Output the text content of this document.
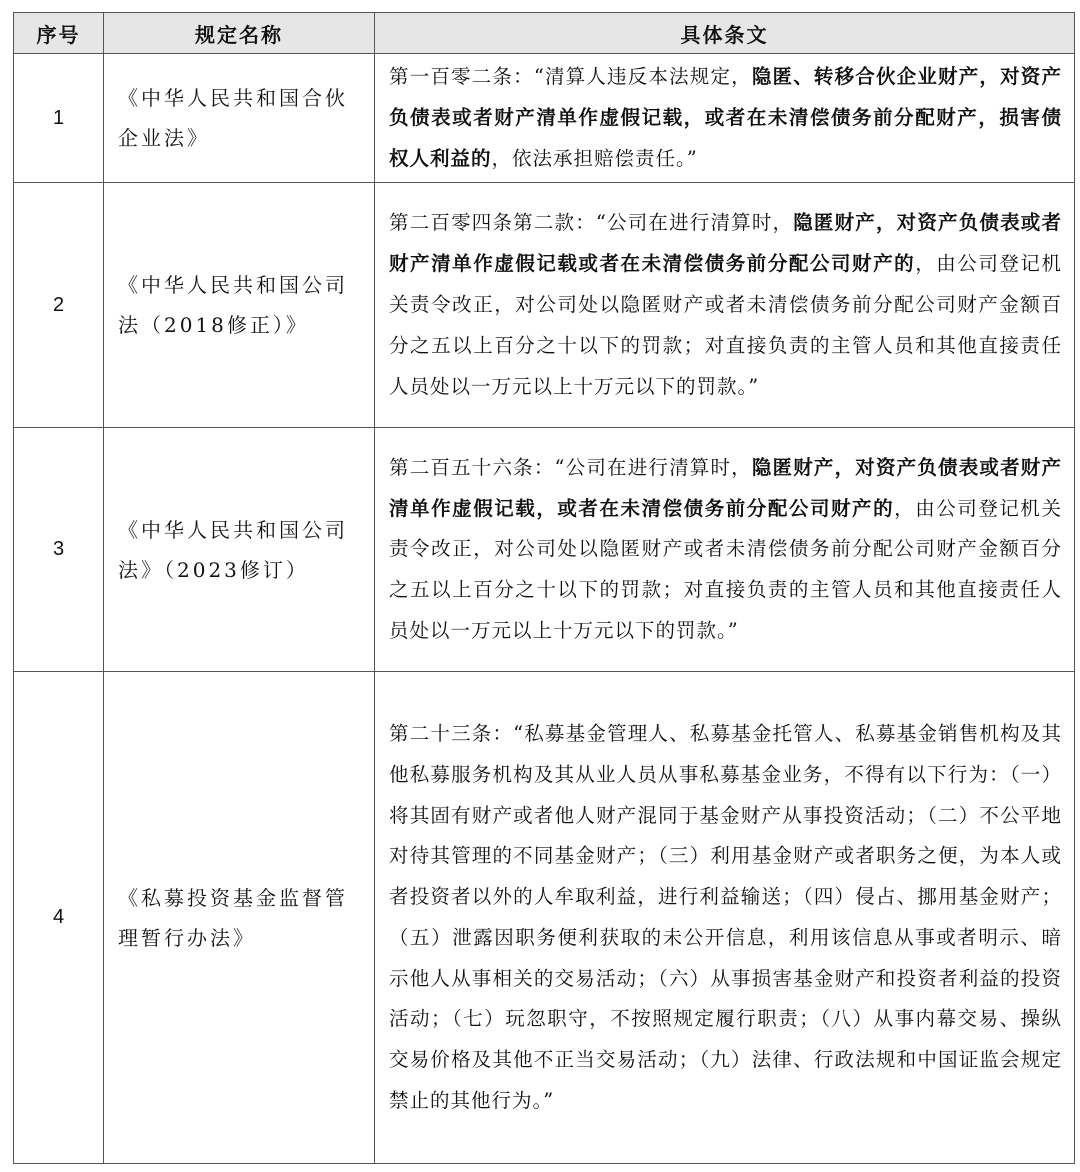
序号	规定名称	具体条文
1	《中华人民共和国合伙企业法》	第一百零二条：“清算人违反本法规定，隐匿、转移合伙企业财产，对资产负债表或者财产清单作虚假记载，或者在未清偿债务前分配财产，损害债权人利益的，依法承担赔偿责任。”
2	《中华人民共和国公司法（2018修正）》	第二百零四条第二款：“公司在进行清算时，隐匿财产，对资产负债表或者财产清单作虚假记载或者在未清偿债务前分配公司财产的，由公司登记机关责令改正，对公司处以隐匿财产或者未清偿债务前分配公司财产金额百分之五以上百分之十以下的罚款；对直接负责的主管人员和其他直接责任人员处以一万元以上十万元以下的罚款。”
3	《中华人民共和国公司法》（2023修订）	第二百五十六条：“公司在进行清算时，隐匿财产，对资产负债表或者财产清单作虚假记载，或者在未清偿债务前分配公司财产的，由公司登记机关责令改正，对公司处以隐匿财产或者未清偿债务前分配公司财产金额百分之五以上百分之十以下的罚款；对直接负责的主管人员和其他直接责任人员处以一万元以上十万元以下的罚款。”
4	《私募投资基金监督管理暂行办法》	第二十三条：“私募基金管理人、私募基金托管人、私募基金销售机构及其他私募服务机构及其从业人员从事私募基金业务，不得有以下行为：（一）将其固有财产或者他人财产混同于基金财产从事投资活动；（二）不公平地对待其管理的不同基金财产；（三）利用基金财产或者职务之便，为本人或者投资者以外的人牟取利益，进行利益输送；（四）侵占、挪用基金财产；（五）泄露因职务便利获取的未公开信息，利用该信息从事或者明示、暗示他人从事相关的交易活动；（六）从事损害基金财产和投资者利益的投资活动；（七）玩忽职守，不按照规定履行职责；（八）从事内幕交易、操纵交易价格及其他不正当交易活动；（九）法律、行政法规和中国证监会规定禁止的其他行为。”
